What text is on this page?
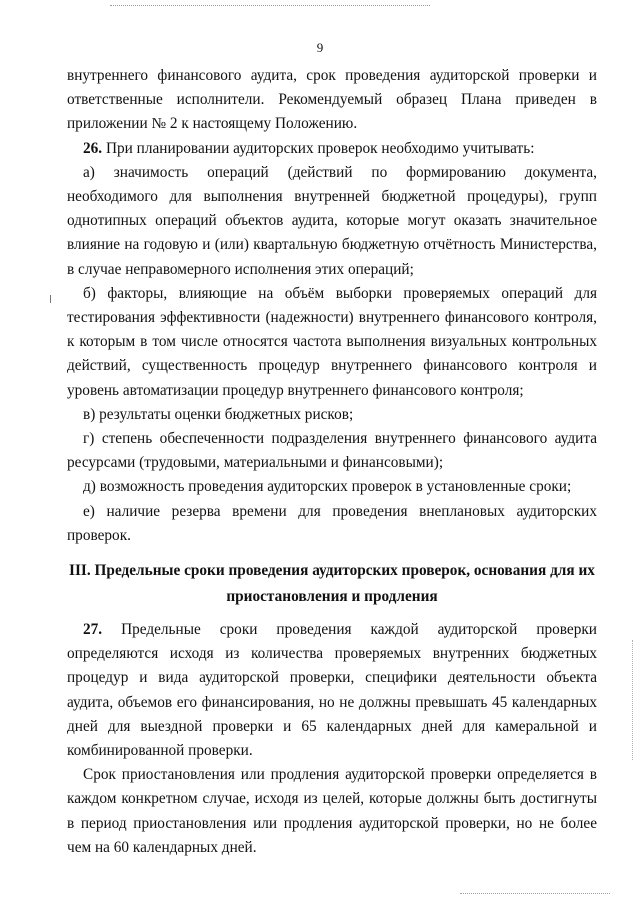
9

внутреннего финансового аудита, срок проведения аудиторской проверки и ответственные исполнители. Рекомендуемый образец Плана приведен в приложении № 2 к настоящему Положению.

26. При планировании аудиторских проверок необходимо учитывать:

а) значимость операций (действий по формированию документа, необходимого для выполнения внутренней бюджетной процедуры), групп однотипных операций объектов аудита, которые могут оказать значительное влияние на годовую и (или) квартальную бюджетную отчётность Министерства, в случае неправомерного исполнения этих операций;

б) факторы, влияющие на объём выборки проверяемых операций для тестирования эффективности (надежности) внутреннего финансового контроля, к которым в том числе относятся частота выполнения визуальных контрольных действий, существенность процедур внутреннего финансового контроля и уровень автоматизации процедур внутреннего финансового контроля;

в) результаты оценки бюджетных рисков;

г) степень обеспеченности подразделения внутреннего финансового аудита ресурсами (трудовыми, материальными и финансовыми);

д) возможность проведения аудиторских проверок в установленные сроки;

е) наличие резерва времени для проведения внеплановых аудиторских проверок.

III. Предельные сроки проведения аудиторских проверок, основания для их приостановления и продления

27. Предельные сроки проведения каждой аудиторской проверки определяются исходя из количества проверяемых внутренних бюджетных процедур и вида аудиторской проверки, специфики деятельности объекта аудита, объемов его финансирования, но не должны превышать 45 календарных дней для выездной проверки и 65 календарных дней для камеральной и комбинированной проверки.

Срок приостановления или продления аудиторской проверки определяется в каждом конкретном случае, исходя из целей, которые должны быть достигнуты в период приостановления или продления аудиторской проверки, но не более чем на 60 календарных дней.
